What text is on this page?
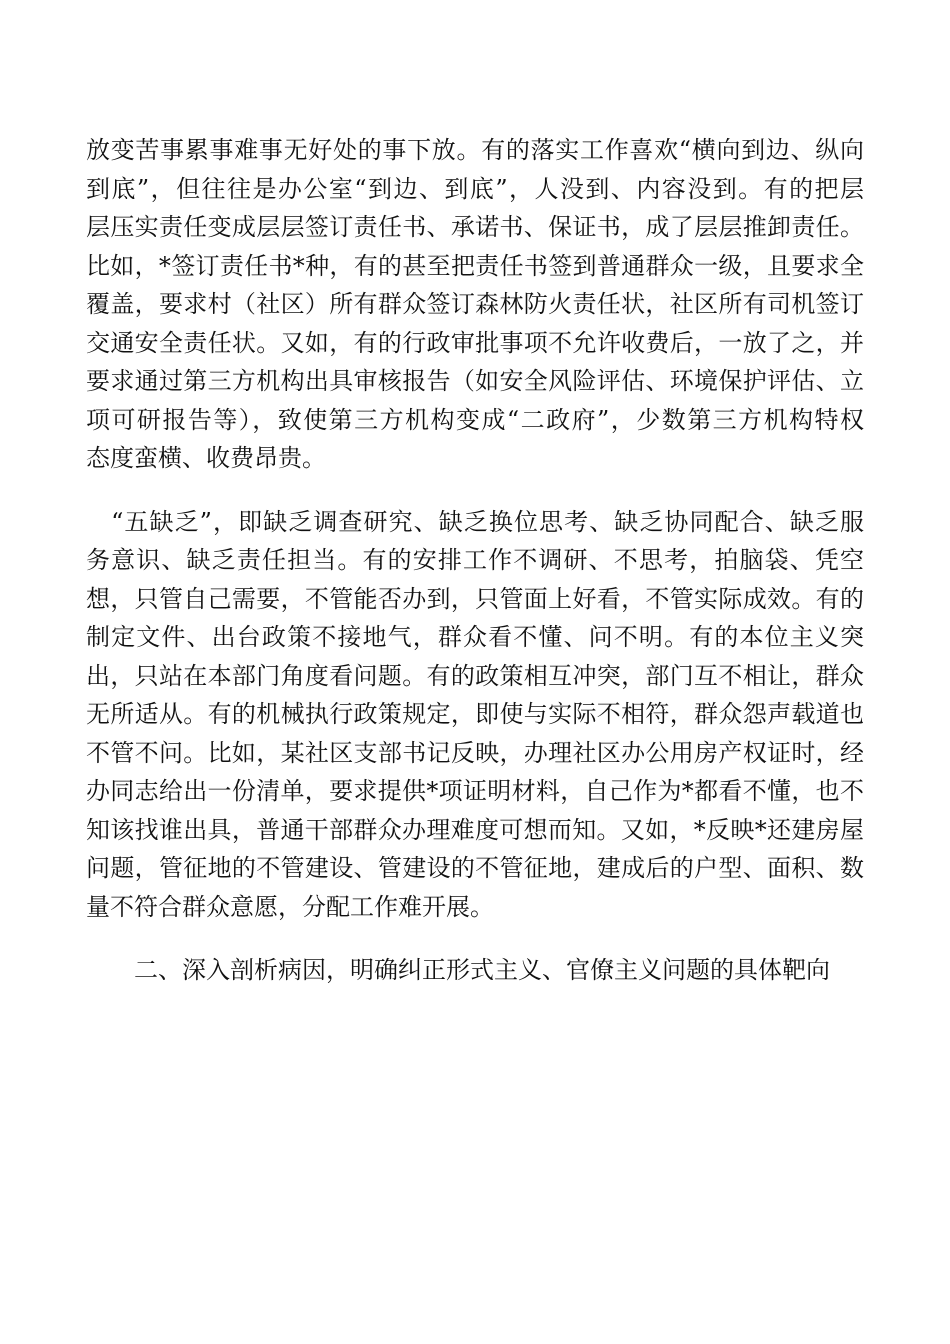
放变苦事累事难事无好处的事下放。有的落实工作喜欢“横向到边、纵向
到底”，但往往是办公室“到边、到底”，人没到、内容没到。有的把层
层压实责任变成层层签订责任书、承诺书、保证书，成了层层推卸责任。
比如，*签订责任书*种，有的甚至把责任书签到普通群众一级，且要求全
覆盖，要求村（社区）所有群众签订森林防火责任状，社区所有司机签订
交通安全责任状。又如，有的行政审批事项不允许收费后，一放了之，并
要求通过第三方机构出具审核报告（如安全风险评估、环境保护评估、立
项可研报告等），致使第三方机构变成“二政府”，少数第三方机构特权
态度蛮横、收费昂贵。
　“五缺乏”，即缺乏调查研究、缺乏换位思考、缺乏协同配合、缺乏服
务意识、缺乏责任担当。有的安排工作不调研、不思考，拍脑袋、凭空
想，只管自己需要，不管能否办到，只管面上好看，不管实际成效。有的
制定文件、出台政策不接地气，群众看不懂、问不明。有的本位主义突
出，只站在本部门角度看问题。有的政策相互冲突，部门互不相让，群众
无所适从。有的机械执行政策规定，即使与实际不相符，群众怨声载道也
不管不问。比如，某社区支部书记反映，办理社区办公用房产权证时，经
办同志给出一份清单，要求提供*项证明材料，自己作为*都看不懂，也不
知该找谁出具，普通干部群众办理难度可想而知。又如，*反映*还建房屋
问题，管征地的不管建设、管建设的不管征地，建成后的户型、面积、数
量不符合群众意愿，分配工作难开展。
　　二、深入剖析病因，明确纠正形式主义、官僚主义问题的具体靶向
